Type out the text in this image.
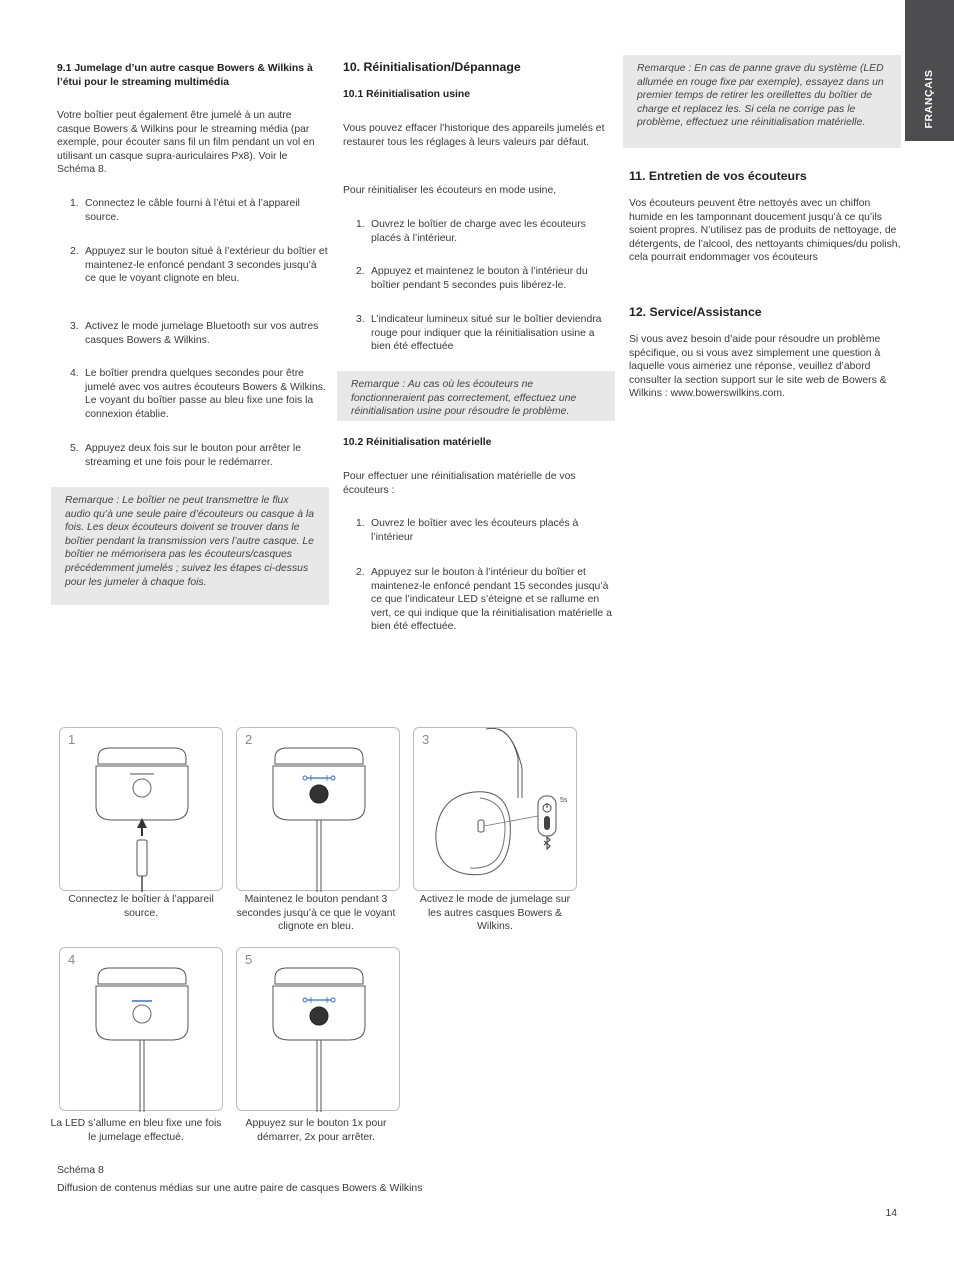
FRANÇAIS
9.1 Jumelage d’un autre casque Bowers & Wilkins à l’étui pour le streaming multimédia

Votre boîtier peut également être jumelé à un autre casque Bowers & Wilkins pour le streaming média (par exemple, pour écouter sans fil un film pendant un vol en utilisant un casque supra-auriculaires Px8). Voir le Schéma 8.

1. Connectez le câble fourni à l’étui et à l’appareil source.
2. Appuyez sur le bouton situé à l’extérieur du boîtier et maintenez-le enfoncé pendant 3 secondes jusqu’à ce que le voyant clignote en bleu.
3. Activez le mode jumelage Bluetooth sur vos autres casques Bowers & Wilkins.
4. Le boîtier prendra quelques secondes pour être jumelé avec vos autres écouteurs Bowers & Wilkins. Le voyant du boîtier passe au bleu fixe une fois la connexion établie.
5. Appuyez deux fois sur le bouton pour arrêter le streaming et une fois pour le redémarrer.
Remarque : Le boîtier ne peut transmettre le flux audio qu’à une seule paire d’écouteurs ou casque à la fois. Les deux écouteurs doivent se trouver dans le boîtier pendant la transmission vers l’autre casque. Le boîtier ne mémorisera pas les écouteurs/casques précédemment jumelés ; suivez les étapes ci-dessus pour les jumeler à chaque fois.
10. Réinitialisation/Dépannage
10.1 Réinitialisation usine

Vous pouvez effacer l’historique des appareils jumelés et restaurer tous les réglages à leurs valeurs par défaut.

Pour réinitialiser les écouteurs en mode usine,

1. Ouvrez le boîtier de charge avec les écouteurs placés à l’intérieur.
2. Appuyez et maintenez le bouton à l’intérieur du boîtier pendant 5 secondes puis libérez-le.
3. L’indicateur lumineux situé sur le boîtier deviendra rouge pour indiquer que la réinitialisation usine a bien été effectuée
Remarque : Au cas où les écouteurs ne fonctionneraient pas correctement, effectuez une réinitialisation usine pour résoudre le problème.
10.2 Réinitialisation matérielle

Pour effectuer une réinitialisation matérielle de vos écouteurs :

1. Ouvrez le boîtier avec les écouteurs placés à l’intérieur
2. Appuyez sur le bouton à l’intérieur du boîtier et maintenez-le enfoncé pendant 15 secondes jusqu’à ce que l’indicateur LED s’éteigne et se rallume en vert, ce qui indique que la réinitialisation matérielle a bien été effectuée.
Remarque : En cas de panne grave du système (LED allumée en rouge fixe par exemple), essayez dans un premier temps de retirer les oreillettes du boîtier de charge et replacez les. Si cela ne corrige pas le problème, effectuez une réinitialisation matérielle.
11. Entretien de vos écouteurs

Vos écouteurs peuvent être nettoyés avec un chiffon humide en les tamponnant doucement jusqu’à ce qu’ils soient propres. N’utilisez pas de produits de nettoyage, de détergents, de l’alcool, des nettoyants chimiques/du polish, cela pourrait endommager vos écouteurs

12. Service/Assistance

Si vous avez besoin d’aide pour résoudre un problème spécifique, ou si vous avez simplement une question à laquelle vous aimeriez une réponse, veuillez d’abord consulter la section support sur le site web de Bowers & Wilkins : www.bowerswilkins.com.

1
Connectez le boîtier à l’appareil source.
2
Maintenez le bouton pendant 3 secondes jusqu’à ce que le voyant clignote en bleu.
5s
3
Activez le mode de jumelage sur les autres casques Bowers & Wilkins.
4
La LED s’allume en bleu fixe une fois le jumelage effectué.
5
Appuyez sur le bouton 1x pour démarrer, 2x pour arrêter.
Schéma 8
Diffusion de contenus médias sur une autre paire de casques Bowers & Wilkins
14
